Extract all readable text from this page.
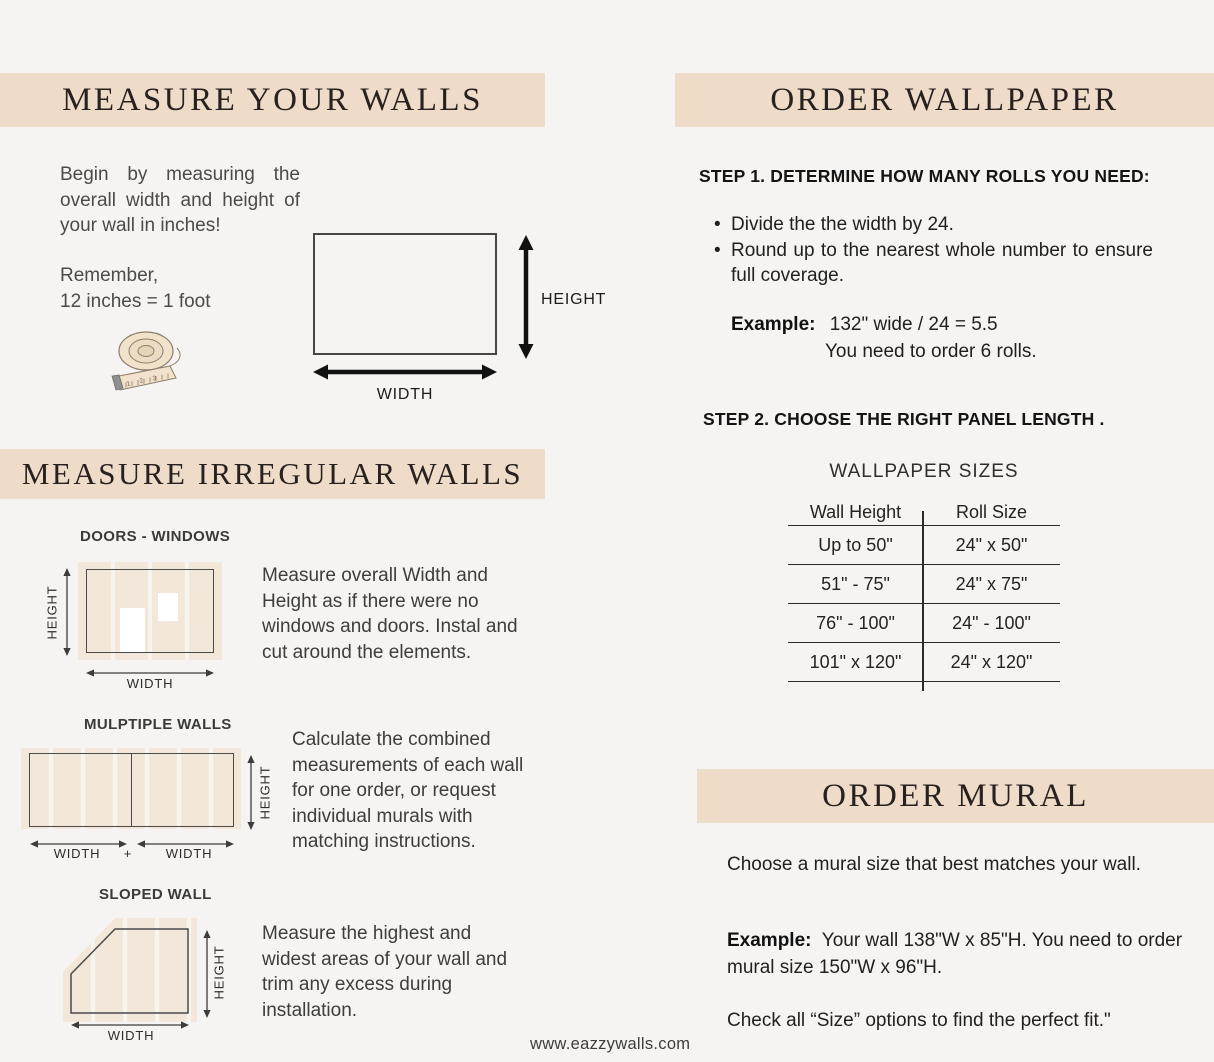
MEASURE YOUR WALLS
Begin by measuring the overall width and height of your wall in inches!
Remember,
12 inches = 1 foot
1 2 3
HEIGHT
WIDTH
MEASURE IRREGULAR WALLS
DOORS - WINDOWS
HEIGHT
WIDTH
Measure overall Width and Height as if there were no windows and doors. Instal and cut around the elements.
MULPTIPLE WALLS
HEIGHT
WIDTH	+	WIDTH
Calculate the combined measurements of each wall for one order, or request individual murals with matching instructions.
SLOPED WALL
HEIGHT
WIDTH
Measure the highest and widest areas of your wall and trim any excess during installation.
www.eazzywalls.com
ORDER WALLPAPER
STEP 1. DETERMINE HOW MANY ROLLS YOU NEED:
• Divide the the width by 24.
• Round up to the nearest whole number to ensure full coverage.
Example: 132" wide / 24 = 5.5
You need to order 6 rolls.
STEP 2. CHOOSE THE RIGHT PANEL LENGTH .
WALLPAPER SIZES
Wall Height	Roll Size
Up to 50"	24" x 50"
51" - 75"	24" x 75"
76" - 100"	24" - 100"
101" x 120"	24" x 120"
ORDER MURAL
Choose a mural size that best matches your wall.
Example: Your wall 138"W x 85"H. You need to order mural size 150"W x 96"H.
Check all “Size” options to find the perfect fit."
